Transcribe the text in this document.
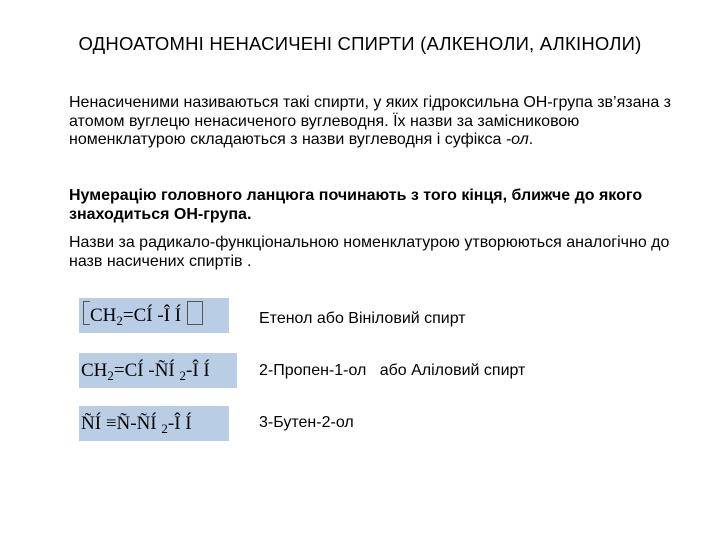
ОДНОАТОМНІ НЕНАСИЧЕНІ СПИРТИ (АЛКЕНОЛИ, АЛКІНОЛИ)
Ненасиченими називаються такі спирти, у яких гідроксильна ОН-група зв’язана з атомом вуглецю ненасиченого вуглеводня. Їх назви за замісниковою номенклатурою складаються з назви вуглеводня і суфікса -ол.
Нумерацію головного ланцюга починають з того кінця, ближче до якого знаходиться ОН-група.
Назви за радикало-функціональною номенклатурою утворюються аналогічно до назв насичених спиртів .
$CH_2=CÍ$ -Î Í	Етенол або Вініловий спирт
$CH_2=CÍ$ -ÑÍ $_2$-Î Í	2-Пропен-1-ол   або Аліловий спирт
ÑÍ ≡Ñ-ÑÍ $_2$-Î Í	3-Бутен-2-ол
